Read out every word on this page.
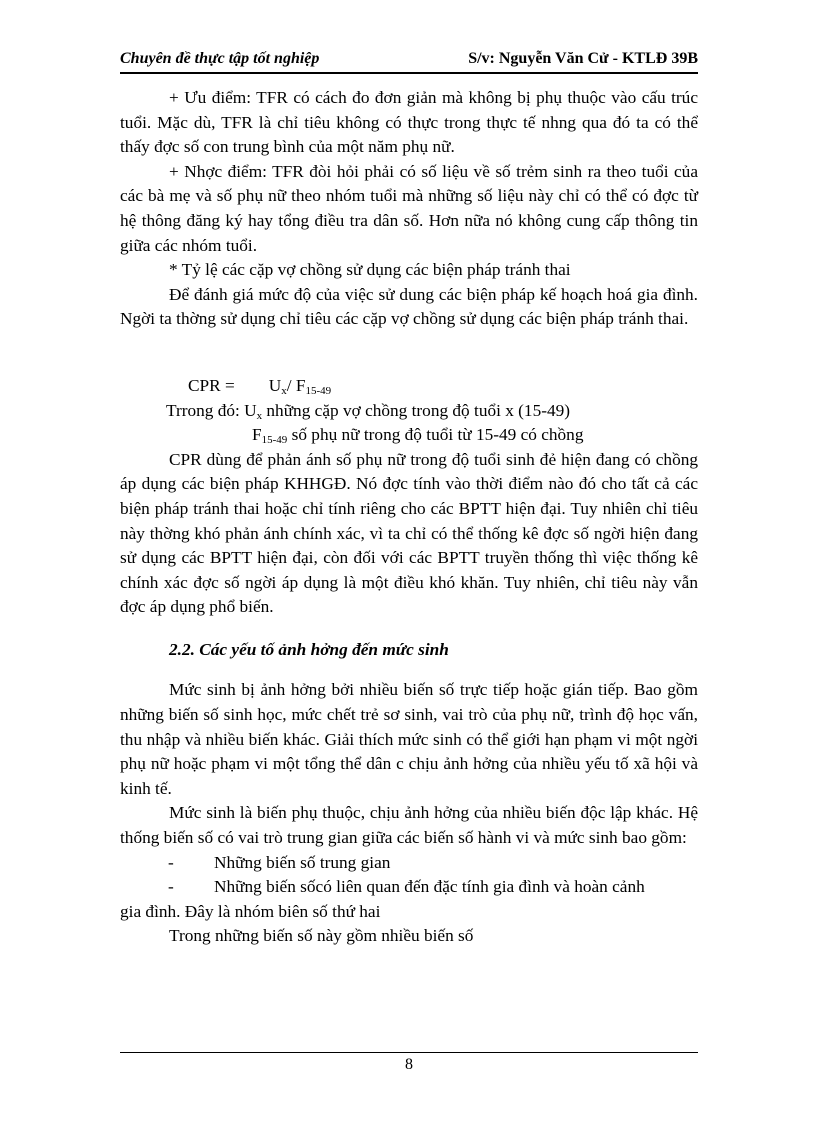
Chuyên đề thực tập tốt nghiệp	S/v: Nguyễn Văn Cử - KTLĐ 39B

+ Ưu điểm: TFR có cách đo đơn giản mà không bị phụ thuộc vào cấu trúc tuổi. Mặc dù, TFR là chỉ tiêu không có thực trong thực tế nhng qua đó ta có thể thấy đợc số con trung bình của một năm phụ nữ.

+ Nhợc điểm: TFR đòi hỏi phải có số liệu về số trẻm sinh ra theo tuổi của các bà mẹ và số phụ nữ theo nhóm tuổi mà những số liệu này chỉ có thể có đợc từ hệ thông đăng ký hay tổng điều tra dân số. Hơn nữa nó không cung cấp thông tin giữa các nhóm tuổi.

* Tỷ lệ các cặp vợ chồng sử dụng các biện pháp tránh thai

Để đánh giá mức độ của việc sử dung các biện pháp kế hoạch hoá gia đình. Ngời ta thờng sử dụng chỉ tiêu các cặp vợ chồng sử dụng các biện pháp tránh thai.

CPR = $U_x/$ $F_{15-49}$
Trrong đó: $U_x$ những cặp vợ chồng trong độ tuổi x (15-49)
$F_{15-49}$ số phụ nữ trong độ tuổi từ 15-49 có chồng

CPR dùng để phản ánh số phụ nữ trong độ tuổi sinh đẻ hiện đang có chồng áp dụng các biện pháp KHHGĐ. Nó đợc tính vào thời điểm nào đó cho tất cả các biện pháp tránh thai hoặc chỉ tính riêng cho các BPTT hiện đại. Tuy nhiên chỉ tiêu này thờng khó phản ánh chính xác, vì ta chỉ có thể thống kê đợc số ngời hiện đang sử dụng các BPTT hiện đại, còn đối với các BPTT truyền thống thì việc thống kê chính xác đợc số ngời áp dụng là một điều khó khăn. Tuy nhiên, chỉ tiêu này vẫn đợc áp dụng phổ biến.

2.2. Các yếu tố ảnh hởng đến mức sinh

Mức sinh bị ảnh hởng bởi nhiều biến số trực tiếp hoặc gián tiếp. Bao gồm những biến số sinh học, mức chết trẻ sơ sinh, vai trò của phụ nữ, trình độ học vấn, thu nhập và nhiều biến khác. Giải thích mức sinh có thể giới hạn phạm vi một ngời phụ nữ hoặc phạm vi một tổng thể dân c chịu ảnh hởng của nhiều yếu tố xã hội và kinh tế.

Mức sinh là biến phụ thuộc, chịu ảnh hởng của nhiều biến độc lập khác. Hệ thống biến số có vai trò trung gian giữa các biến số hành vi và mức sinh bao gồm:

- Những biến số trung gian
- Những biến sốcó liên quan đến đặc tính gia đình và hoàn cảnh

gia đình. Đây là nhóm biên số thứ hai

Trong những biến số này gồm nhiều biến số

8
